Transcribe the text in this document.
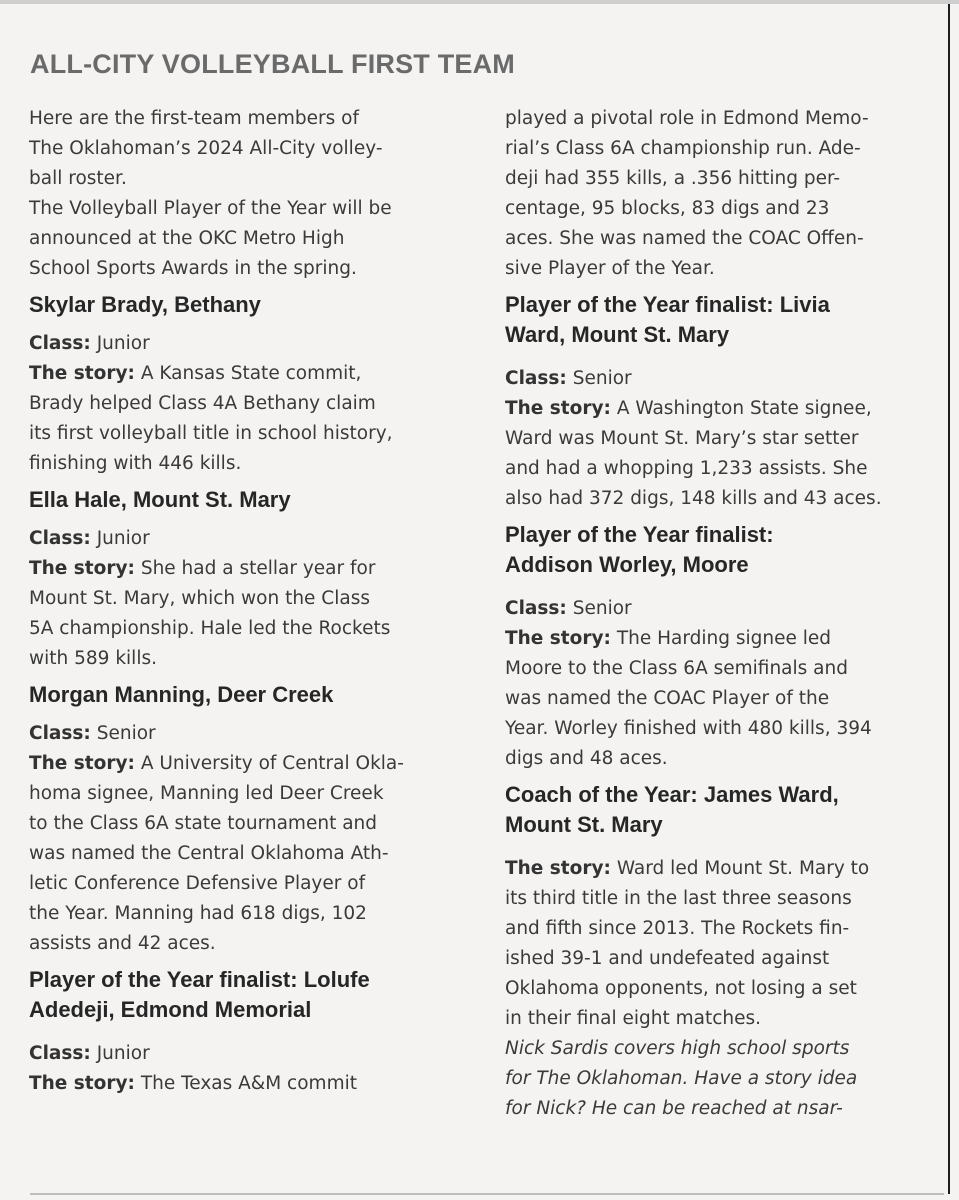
ALL-CITY VOLLEYBALL FIRST TEAM

Here are the first-team members of

The Oklahoman’s 2024 All-City volley-

ball roster.

The Volleyball Player of the Year will be

announced at the OKC Metro High

School Sports Awards in the spring.

Skylar Brady, Bethany

Class: Junior

The story: A Kansas State commit,

Brady helped Class 4A Bethany claim

its first volleyball title in school history,

finishing with 446 kills.

Ella Hale, Mount St. Mary

Class: Junior

The story: She had a stellar year for

Mount St. Mary, which won the Class

5A championship. Hale led the Rockets

with 589 kills.

Morgan Manning, Deer Creek

Class: Senior

The story: A University of Central Okla-

homa signee, Manning led Deer Creek

to the Class 6A state tournament and

was named the Central Oklahoma Ath-

letic Conference Defensive Player of

the Year. Manning had 618 digs, 102

assists and 42 aces.

Player of the Year finalist: Lolufe
Adedeji, Edmond Memorial

Class: Junior

The story: The Texas A&M commit

played a pivotal role in Edmond Memo-

rial’s Class 6A championship run. Ade-

deji had 355 kills, a .356 hitting per-

centage, 95 blocks, 83 digs and 23

aces. She was named the COAC Offen-

sive Player of the Year.

Player of the Year finalist: Livia
Ward, Mount St. Mary

Class: Senior

The story: A Washington State signee,

Ward was Mount St. Mary’s star setter

and had a whopping 1,233 assists. She

also had 372 digs, 148 kills and 43 aces.

Player of the Year finalist:
Addison Worley, Moore

Class: Senior

The story: The Harding signee led

Moore to the Class 6A semifinals and

was named the COAC Player of the

Year. Worley finished with 480 kills, 394

digs and 48 aces.

Coach of the Year: James Ward,
Mount St. Mary

The story: Ward led Mount St. Mary to

its third title in the last three seasons

and fifth since 2013. The Rockets fin-

ished 39-1 and undefeated against

Oklahoma opponents, not losing a set

in their final eight matches.

Nick Sardis covers high school sports

for The Oklahoman. Have a story idea

for Nick? He can be reached at nsar-
